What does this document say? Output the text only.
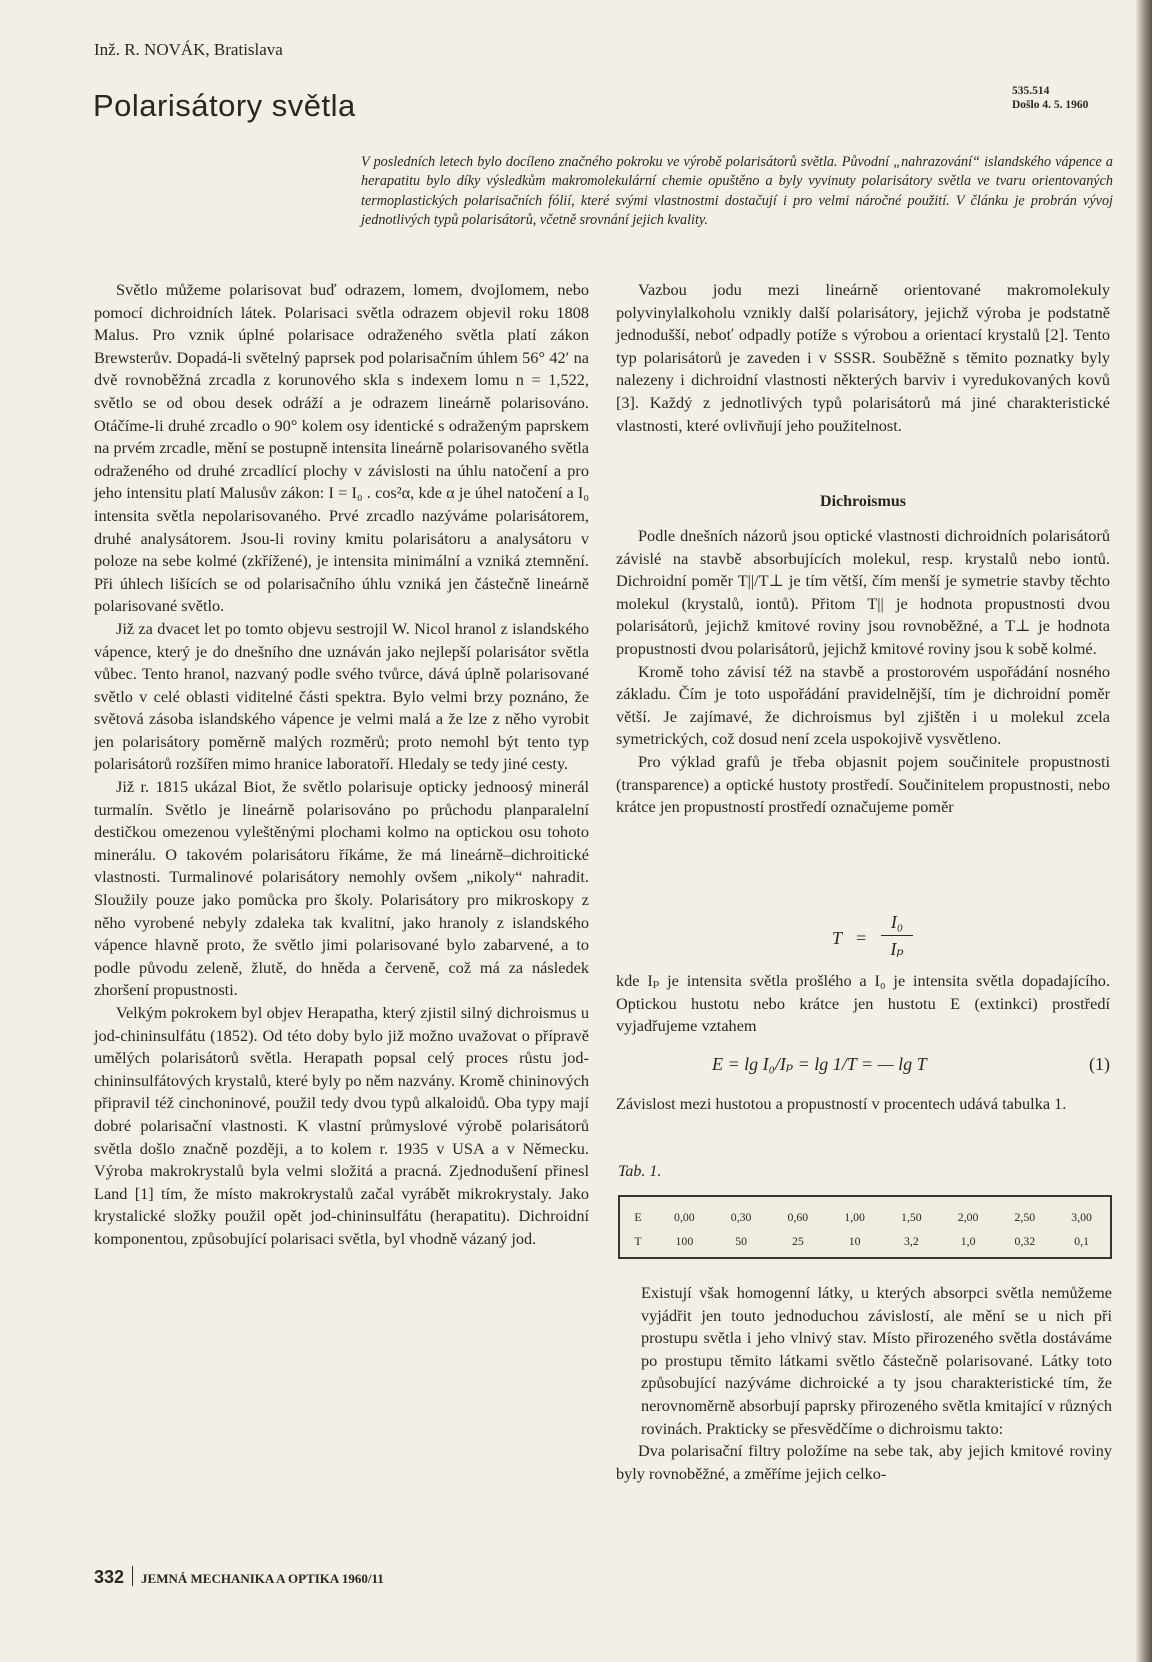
Inž. R. NOVÁK, Bratislava
Polarisátory světla	535.514
Došlo 4. 5. 1960
V posledních letech bylo docíleno značného pokroku ve výrobě polarisátorů světla. Původní „nahrazování“ islandského vápence a herapatitu bylo díky výsledkům makromolekulární chemie opuštěno a byly vyvinuty polarisátory světla ve tvaru orientovaných termoplastických polarisačních fólií, které svými vlastnostmi dostačují i pro velmi náročné použití. V článku je probrán vývoj jednotlivých typů polarisátorů, včetně srovnání jejich kvality.

Světlo můžeme polarisovat buď odrazem, lomem, dvojlomem, nebo pomocí dichroidních látek. Polarisaci světla odrazem objevil roku 1808 Malus. Pro vznik úplné polarisace odraženého světla platí zákon Brewsterův. Dopadá-li světelný paprsek pod polarisačním úhlem 56° 42′ na dvě rovnoběžná zrcadla z korunového skla s indexem lomu n = 1,522, světlo se od obou desek odráží a je odrazem lineárně polarisováno. Otáčíme-li druhé zrcadlo o 90° kolem osy identické s odraženým paprskem na prvém zrcadle, mění se postupně intensita lineárně polarisovaného světla odraženého od druhé zrcadlící plochy v závislosti na úhlu natočení a pro jeho intensitu platí Malusův zákon: I = I₀ . cos²α, kde α je úhel natočení a I₀ intensita světla nepolarisovaného. Prvé zrcadlo nazýváme polarisátorem, druhé analysátorem. Jsou-li roviny kmitu polarisátoru a analysátoru v poloze na sebe kolmé (zkřížené), je intensita minimální a vzniká ztemnění. Při úhlech lišících se od polarisačního úhlu vzniká jen částečně lineárně polarisované světlo.

Již za dvacet let po tomto objevu sestrojil W. Nicol hranol z islandského vápence, který je do dnešního dne uznáván jako nejlepší polarisátor světla vůbec. Tento hranol, nazvaný podle svého tvůrce, dává úplně polarisované světlo v celé oblasti viditelné části spektra. Bylo velmi brzy poznáno, že světová zásoba islandského vápence je velmi malá a že lze z něho vyrobit jen polarisátory poměrně malých rozměrů; proto nemohl být tento typ polarisátorů rozšířen mimo hranice laboratoří. Hledaly se tedy jiné cesty.

Již r. 1815 ukázal Biot, že světlo polarisuje opticky jednoosý minerál turmalín. Světlo je lineárně polarisováno po průchodu planparalelní destičkou omezenou vyleštěnými plochami kolmo na optickou osu tohoto minerálu. O takovém polarisátoru říkáme, že má lineárně–dichroitické vlastnosti. Turmalinové polarisátory nemohly ovšem „nikoly“ nahradit. Sloužily pouze jako pomůcka pro školy. Polarisátory pro mikroskopy z něho vyrobené nebyly zdaleka tak kvalitní, jako hranoly z islandského vápence hlavně proto, že světlo jimi polarisované bylo zabarvené, a to podle původu zeleně, žlutě, do hněda a červeně, což má za následek zhoršení propustnosti.

Velkým pokrokem byl objev Herapatha, který zjistil silný dichroismus u jod-chininsulfátu (1852). Od této doby bylo již možno uvažovat o přípravě umělých polarisátorů světla. Herapath popsal celý proces růstu jod-chininsulfátových krystalů, které byly po něm nazvány. Kromě chininových připravil též cinchoninové, použil tedy dvou typů alkaloidů. Oba typy mají dobré polarisační vlastnosti. K vlastní průmyslové výrobě polarisátorů světla došlo značně později, a to kolem r. 1935 v USA a v Německu. Výroba makrokrystalů byla velmi složitá a pracná. Zjednodušení přinesl Land [1] tím, že místo makrokrystalů začal vyrábět mikrokrystaly. Jako krystalické složky použil opět jod-chininsulfátu (herapatitu). Dichroidní komponentou, způsobující polarisaci světla, byl vhodně vázaný jod.

Vazbou jodu mezi lineárně orientované makromolekuly polyvinylalkoholu vznikly další polarisátory, jejichž výroba je podstatně jednodušší, neboť odpadly potíže s výrobou a orientací krystalů [2]. Tento typ polarisátorů je zaveden i v SSSR. Souběžně s těmito poznatky byly nalezeny i dichroidní vlastnosti některých barviv i vyredukovaných kovů [3]. Každý z jednotlivých typů polarisátorů má jiné charakteristické vlastnosti, které ovlivňují jeho použitelnost.

Dichroismus

Podle dnešních názorů jsou optické vlastnosti dichroidních polarisátorů závislé na stavbě absorbujících molekul, resp. krystalů nebo iontů. Dichroidní poměr T||/T⊥ je tím větší, čím menší je symetrie stavby těchto molekul (krystalů, iontů). Přitom T|| je hodnota propustnosti dvou polarisátorů, jejichž kmitové roviny jsou rovnoběžné, a T⊥ je hodnota propustnosti dvou polarisátorů, jejichž kmitové roviny jsou k sobě kolmé.

Kromě toho závisí též na stavbě a prostorovém uspořádání nosného základu. Čím je toto uspořádání pravidelnější, tím je dichroidní poměr větší. Je zajímavé, že dichroismus byl zjištěn i u molekul zcela symetrických, což dosud není zcela uspokojivě vysvětleno.

Pro výklad grafů je třeba objasnit pojem součinitele propustnosti (transparence) a optické hustoty prostředí. Součinitelem propustnosti, nebo krátce jen propustností prostředí označujeme poměr

T =
I₀
Iₚ

kde Iₚ je intensita světla prošlého a I₀ je intensita světla dopadajícího. Optickou hustotu nebo krátce jen hustotu E (extinkci) prostředí vyjadřujeme vztahem

E = lg I₀/Iₚ = lg 1/T = — lg T	(1)

Závislost mezi hustotou a propustností v procentech udává tabulka 1.

Tab. 1.
E	0,00	0,30	0,60	1,00	1,50	2,00	2,50	3,00
T	100	50	25	10	3,2	1,0	0,32	0,1

Existují však homogenní látky, u kterých absorpci světla nemůžeme vyjádřit jen touto jednoduchou závislostí, ale mění se u nich při prostupu světla i jeho vlnivý stav. Místo přirozeného světla dostáváme po prostupu těmito látkami světlo částečně polarisované. Látky toto způsobující nazýváme dichroické a ty jsou charakteristické tím, že nerovnoměrně absorbují paprsky přirozeného světla kmitající v různých rovinách. Prakticky se přesvědčíme o dichroismu takto:

Dva polarisační filtry položíme na sebe tak, aby jejich kmitové roviny byly rovnoběžné, a změříme jejich celko-

332 JEMNÁ MECHANIKA A OPTIKA 1960/11
